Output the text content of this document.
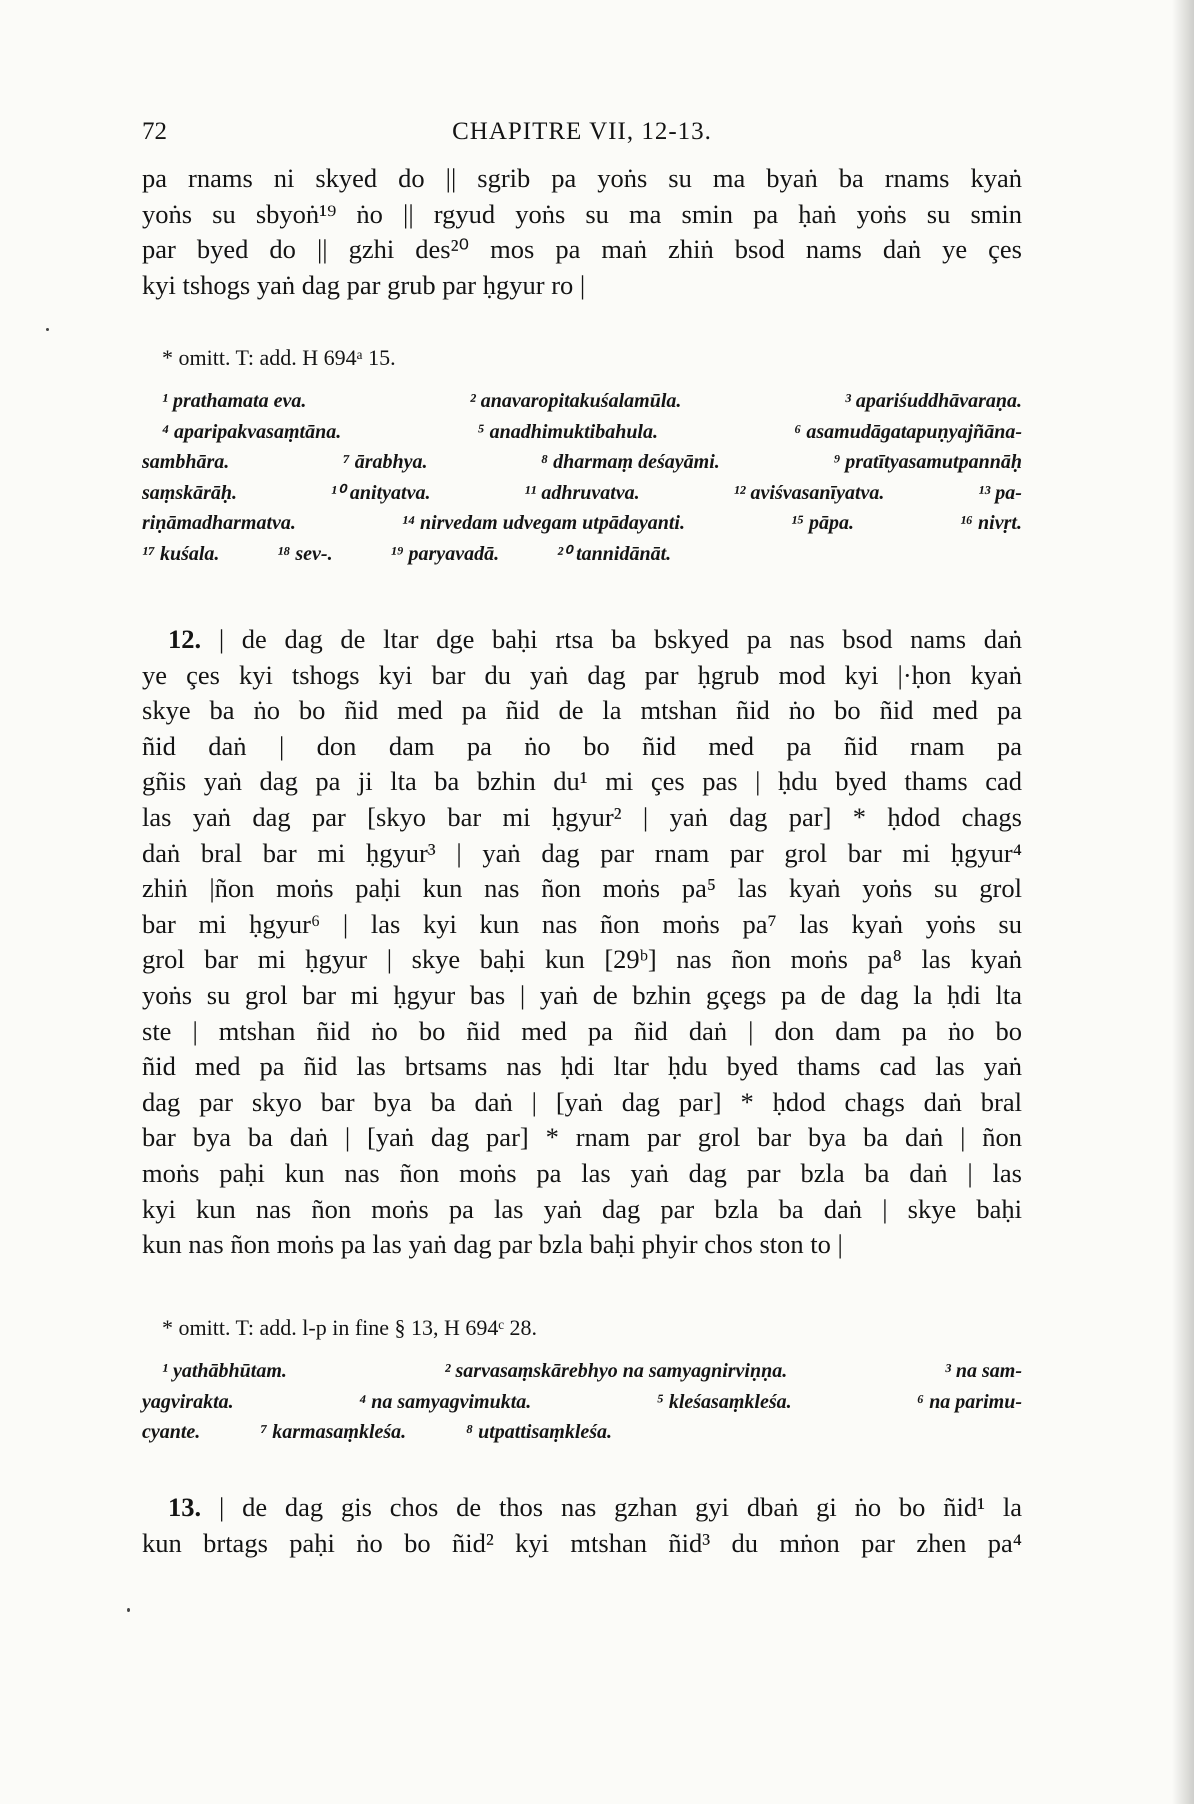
72	CHAPITRE VII, 12-13.
pa rnams ni skyed do || sgrib pa yoṅs su ma byaṅ ba rnams kyaṅ
yoṅs su sbyoṅ¹⁹ ṅo || rgyud yoṅs su ma smin pa ḥaṅ yoṅs su smin
par byed do || gzhi des²⁰ mos pa maṅ zhiṅ bsod nams daṅ ye çes
kyi tshogs yaṅ dag par grub par ḥgyur ro |
* omitt. T: add. H 694ᵃ 15.
¹ prathamata eva.	² anavaropitakuśalamūla.	³ apariśuddhāvaraṇa.
⁴ aparipakvasaṃtāna.	⁵ anadhimuktibahula.	⁶ asamudāgatapuṇyajñāna-
sambhāra.	⁷ ārabhya.	⁸ dharmaṃ deśayāmi.	⁹ pratītyasamutpannāḥ
saṃskārāḥ.	¹⁰ anityatva.	¹¹ adhruvatva.	¹² aviśvasanīyatva.	¹³ pa-
riṇāmadharmatva.	¹⁴ nirvedam udvegam utpādayanti.	¹⁵ pāpa.	¹⁶ nivṛt.
¹⁷ kuśala.	¹⁸ sev-.	¹⁹ paryavadā.	²⁰ tannidānāt.
12. | de dag de ltar dge baḥi rtsa ba bskyed pa nas bsod nams daṅ
ye çes kyi tshogs kyi bar du yaṅ dag par ḥgrub mod kyi |·ḥon kyaṅ
skye ba ṅo bo ñid med pa ñid de la mtshan ñid ṅo bo ñid med pa
ñid daṅ | don dam pa ṅo bo ñid med pa ñid rnam pa
gñis yaṅ dag pa ji lta ba bzhin du¹ mi çes pas | ḥdu byed thams cad
las yaṅ dag par [skyo bar mi ḥgyur² | yaṅ dag par] * ḥdod chags
daṅ bral bar mi ḥgyur³ | yaṅ dag par rnam par grol bar mi ḥgyur⁴
zhiṅ |ñon moṅs paḥi kun nas ñon moṅs pa⁵ las kyaṅ yoṅs su grol
bar mi ḥgyur⁶ | las kyi kun nas ñon moṅs pa⁷ las kyaṅ yoṅs su
grol bar mi ḥgyur | skye baḥi kun [29ᵇ] nas ñon moṅs pa⁸ las kyaṅ
yoṅs su grol bar mi ḥgyur bas | yaṅ de bzhin gçegs pa de dag la ḥdi lta
ste | mtshan ñid ṅo bo ñid med pa ñid daṅ | don dam pa ṅo bo
ñid med pa ñid las brtsams nas ḥdi ltar ḥdu byed thams cad las yaṅ
dag par skyo bar bya ba daṅ | [yaṅ dag par] * ḥdod chags daṅ bral
bar bya ba daṅ | [yaṅ dag par] * rnam par grol bar bya ba daṅ | ñon
moṅs paḥi kun nas ñon moṅs pa las yaṅ dag par bzla ba daṅ | las
kyi kun nas ñon moṅs pa las yaṅ dag par bzla ba daṅ | skye baḥi
kun nas ñon moṅs pa las yaṅ dag par bzla baḥi phyir chos ston to |
* omitt. T: add. l-p in fine § 13, H 694ᶜ 28.
¹ yathābhūtam.	² sarvasaṃskārebhyo na samyagnirviṇṇa.	³ na sam-
yagvirakta.	⁴ na samyagvimukta.	⁵ kleśasaṃkleśa.	⁶ na parimu-
cyante.	⁷ karmasaṃkleśa.	⁸ utpattisaṃkleśa.
13. | de dag gis chos de thos nas gzhan gyi dbaṅ gi ṅo bo ñid¹ la
kun brtags paḥi ṅo bo ñid² kyi mtshan ñid³ du mṅon par zhen pa⁴
